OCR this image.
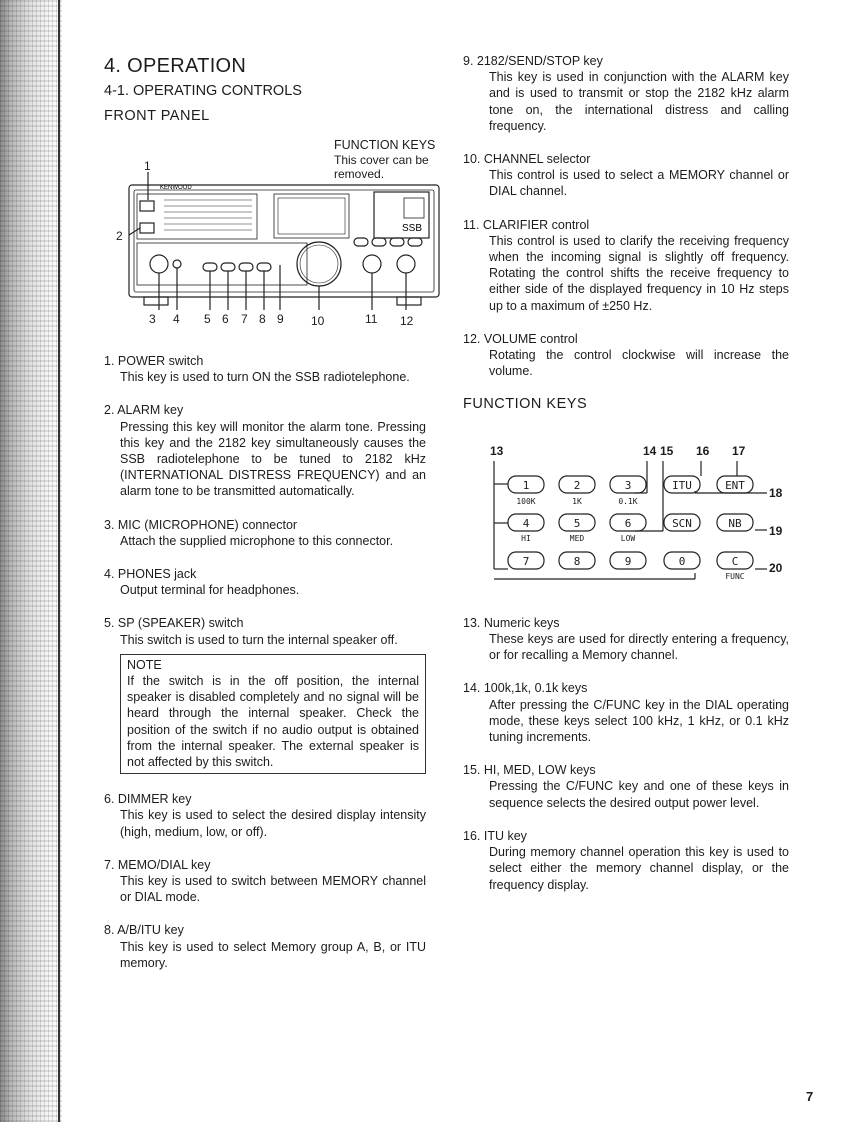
4. OPERATION
4-1. OPERATING CONTROLS
FRONT PANEL
FUNCTION KEYS
This cover can be removed.
KENWOOD
SSB
1
2
3 4 5 6 7 8 9 10	11 12
1. POWER switch
This key is used to turn ON the SSB radiotelephone.
2. ALARM key
Pressing this key will monitor the alarm tone. Pressing this key and the 2182 key simultaneously causes the SSB radiotelephone to be tuned to 2182 kHz (INTERNATIONAL DISTRESS FREQUENCY) and an alarm tone to be transmitted automatically.
3. MIC (MICROPHONE) connector
Attach the supplied microphone to this connector.
4. PHONES jack
Output terminal for headphones.
5. SP (SPEAKER) switch
This switch is used to turn the internal speaker off.
NOTE
If the switch is in the off position, the internal speaker is disabled completely and no signal will be heard through the internal speaker. Check the position of the switch if no audio output is obtained from the internal speaker. The external speaker is not affected by this switch.
6. DIMMER key
This key is used to select the desired display intensity (high, medium, low, or off).
7. MEMO/DIAL key
This key is used to switch between MEMORY channel or DIAL mode.
8. A/B/ITU key
This key is used to select Memory group A, B, or ITU memory.
9. 2182/SEND/STOP key
This key is used in conjunction with the ALARM key and is used to transmit or stop the 2182 kHz alarm tone on, the international distress and calling frequency.
10. CHANNEL selector
This control is used to select a MEMORY channel or DIAL channel.
11. CLARIFIER control
This control is used to clarify the receiving frequency when the incoming signal is slightly off frequency. Rotating the control shifts the receive frequency to either side of the displayed frequency in 10 Hz steps up to a maximum of ±250 Hz.
12. VOLUME control
Rotating the control clockwise will increase the volume.
FUNCTION KEYS
13	14 15 16 17
18
19
20
1	2	3	ITU	ENT
4	5	6	SCN	NB
7	8	9	0	C
100K	1K	0.1K
HI	MED	LOW
FUNC
13. Numeric keys
These keys are used for directly entering a frequency, or for recalling a Memory channel.
14. 100k,1k, 0.1k keys
After pressing the C/FUNC key in the DIAL operating mode, these keys select 100 kHz, 1 kHz, or 0.1 kHz tuning increments.
15. HI, MED, LOW keys
Pressing the C/FUNC key and one of these keys in sequence selects the desired output power level.
16. ITU key
During memory channel operation this key is used to select either the memory channel display, or the frequency display.
7
